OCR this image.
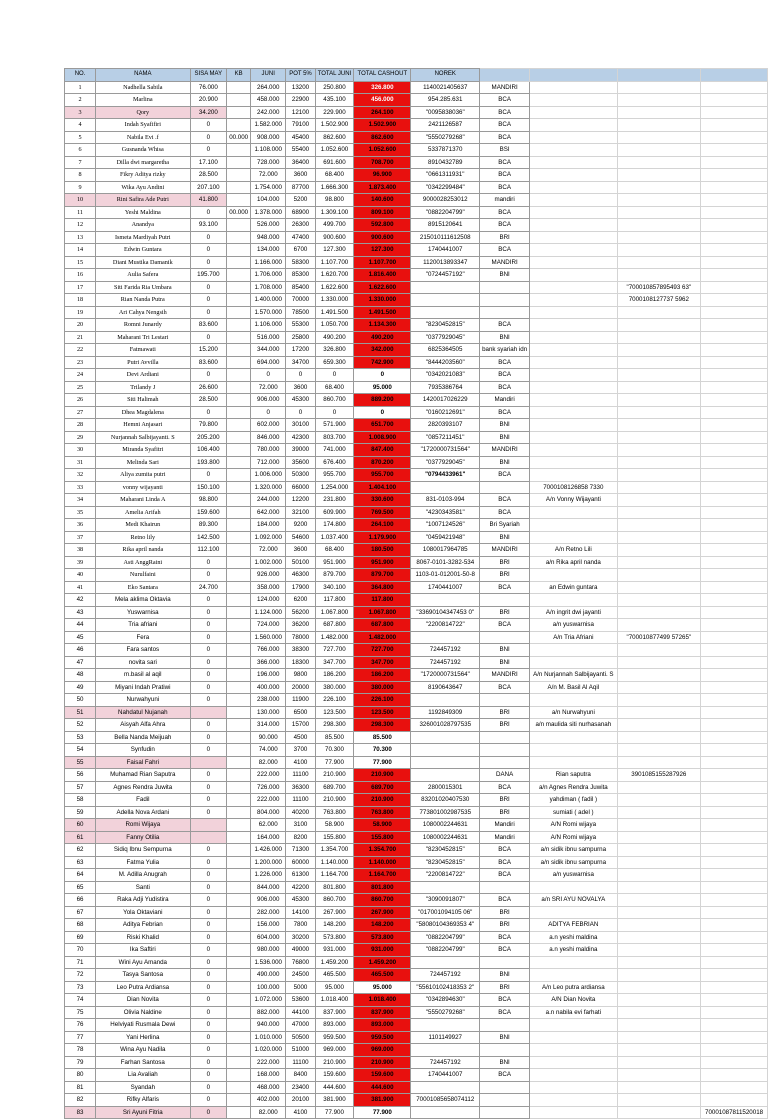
NO.	NAMA	SISA MAY	KB	JUNI	POT 5%	TOTAL JUNI	TOTAL CASHOUT	NOREK				
1	Nadhella Sabila	76.000		264.000	13200	250.800	326.800	1140021405637	MANDIRI			
2	Marlina	20.900		458.000	22900	435.100	456.000	954.285.631	BCA			
3	Qory	34.200		242.000	12100	229.900	264.100	"0095838036"	BCA			
4	Indah Syafifiri	0		1.582.000	79100	1.502.900	1.502.900	2421126587	BCA			
5	Nabila Evi .f	0	00.000	908.000	45400	862.600	862.600	"5550279268"	BCA			
6	Gusnanda Whisa	0		1.108.000	55400	1.052.600	1.052.600	5337871370	BSI			
7	Dilla dwi margaretha	17.100		728.000	36400	691.600	708.700	8910432789	BCA			
8	Fikry Aditya rizky	28.500		72.000	3600	68.400	96.900	"0661311931"	BCA			
9	Wika Ayu Andini	207.100		1.754.000	87700	1.666.300	1.873.400	"0342299484"	BCA			
10	Rini Safira Ade Putri	41.800		104.000	5200	98.800	140.600	9000028253012	mandiri			
11	Yeshi Maldina	0	00.000	1.378.000	68900	1.309.100	809.100	"0882204799"	BCA			
12	Anandya	93.100		526.000	26300	499.700	592.800	8915120641	BCA			
13	Ismeta Mardiyah Putri	0		948.000	47400	900.600	900.600	215010111612508	BRI			
14	Edwin Guntara	0		134.000	6700	127.300	127.300	1740441007	BCA			
15	Diani Mustika Damanik	0		1.166.000	58300	1.107.700	1.107.700	1120013893347	MANDIRI			
16	Aulia Safera	195.700		1.706.000	85300	1.620.700	1.816.400	"0724457192"	BNI			
17	Siti Farida Ria Umbara	0		1.708.000	85400	1.622.600	1.622.600				"700010857895493 63"	
18	Rian Nanda Putra	0		1.400.000	70000	1.330.000	1.330.000				7000108127737 5962	
19	Ari Cahya Nengsih	0		1.570.000	78500	1.491.500	1.491.500					
20	Romni Junardy	83.600		1.106.000	55300	1.050.700	1.134.300	"8230452815"	BCA			
21	Maharani Tri Lestari	0		516.000	25800	490.200	490.200	"0377929045"	BNI			
22	Fatmawati	15.200		344.000	17200	326.800	342.000	6825364505	bank syariah idn			
23	Putri Avvilla	83.600		694.000	34700	659.300	742.900	"8444203560"	BCA			
24	Devi Ardiani	0		0	0	0	0	"0342021083"	BCA			
25	Trilandy J	26.600		72.000	3600	68.400	95.000	7935386764	BCA			
26	Siti Halimah	28.500		906.000	45300	860.700	889.200	1420017026229	Mandiri			
27	Dhea Magdalena	0		0	0	0	0	"0160212691"	BCA			
28	Hemni Anjasari	79.800		602.000	30100	571.900	651.700	2820393107	BNI			
29	Nurjannah Salbijayanti. S	205.200		846.000	42300	803.700	1.008.900	"0857211451"	BNI			
30	Miranda Syafitri	106.400		780.000	39000	741.000	847.400	"1720000731564"	MANDIRI			
31	Melinda Sari	193.800		712.000	35600	676.400	870.200	"0377929045"	BNI			
32	Aliya zumita putri	0		1.006.000	50300	955.700	955.700	"0794433961"	BCA			
33	vonny wijayanti	150.100		1.320.000	66000	1.254.000	1.404.100			7000108126858 7330		
34	Maharani Linda A	98.800		244.000	12200	231.800	330.600	831-0103-994	BCA	A/n Vonny Wijayanti		
35	Amelia Arifah	159.600		642.000	32100	609.900	769.500	"4230343581"	BCA			
36	Medi Khairun	89.300		184.000	9200	174.800	264.100	"1007124526"	Bri Syariah			
37	Retno lily	142.500		1.092.000	54600	1.037.400	1.179.900	"0459421948"	BNI			
38	Rika april nanda	112.100		72.000	3600	68.400	180.500	1080017964785	MANDIRI	A/n Retno Lili		
39	Asti AnggRaini	0		1.002.000	50100	951.900	951.900	8067-0101-3282-534	BRI	a/n Rika april nanda		
40	Nurulfaini	0		926.000	46300	879.700	879.700	1103-01-012001-50-8	BRI			
41	Eko Santara	24.700		358.000	17900	340.100	364.800	1740441007	BCA	an Edwin guntara		
42	Mela aklima Oktavia	0		124.000	6200	117.800	117.800					
43	Yuswarnisa	0		1.124.000	56200	1.067.800	1.067.800	"33690104347453 0"	BRI	A/n ingrit dwi jayanti		
44	Tria afriani	0		724.000	36200	687.800	687.800	"2200814722"	BCA	a/n yuswarnisa		
45	Fera	0		1.560.000	78000	1.482.000	1.482.000			A/n Tria Afriani	"700010877499 57265"	
46	Fara santos	0		766.000	38300	727.700	727.700	724457192	BNI			
47	novita sari	0		366.000	18300	347.700	347.700	724457192	BNI			
48	m.basil al aqil	0		196.000	9800	186.200	186.200	"1720000731564"	MANDIRI	A/n Nurjannah Salbijayanti. S		
49	Miyani Indah Pratiwi	0		400.000	20000	380.000	380.000	8190643647	BCA	A/n M. Basil Al Aqil		
50	Nurwahyuni	0		238.000	11900	226.100	226.100					
51	Nahdatul Nujanah			130.000	6500	123.500	123.500	1192849309	BRI	a/n Nurwahyuni		
52	Aisyah Alfa Ahra	0		314.000	15700	298.300	298.300	326001028797535	BRI	a/n maulida siti nurhasanah		
53	Bella Nanda Meijuah	0		90.000	4500	85.500	85.500					
54	Synfudin	0		74.000	3700	70.300	70.300					
55	Faisal Fahri			82.000	4100	77.900	77.900					
56	Muhamad Rian Saputra	0		222.000	11100	210.900	210.900		DANA	Rian saputra	3901085155287926	
57	Agnes Rendra Juwita	0		726.000	36300	689.700	689.700	2800015301	BCA	a/n Agnes Rendra Juwita		
58	Fadil	0		222.000	11100	210.900	210.900	83201020407530	BRI	yahdiman ( fadil )		
59	Adella Nova Ardani	0		804.000	40200	763.800	763.800	773801002987535	BRI	sumiati ( adel )		
60	Romi Wijaya			62.000	3100	58.900	58.900	1080002244631	Mandiri	A/N Romi wijaya		
61	Fanny Otilia			164.000	8200	155.800	155.800	1080002244631	Mandiri	A/N Romi wijaya		
62	Sidiq Ibnu Sempurna	0		1.426.000	71300	1.354.700	1.354.700	"8230452815"	BCA	a/n sidik ibnu sampurna		
63	Fatma Yulia	0		1.200.000	60000	1.140.000	1.140.000	"8230452815"	BCA	a/n sidik ibnu sampurna		
64	M. Adilla Anugrah	0		1.226.000	61300	1.164.700	1.164.700	"2200814722"	BCA	a/n yuswarnisa		
65	Santi	0		844.000	42200	801.800	801.800					
66	Raka Adji Yudistira	0		906.000	45300	860.700	860.700	"3090091807"	BCA	a/n SRI AYU NOVALYA		
67	Yola Oktaviani	0		282.000	14100	267.900	267.900	"017001094105 06"	BRI			
68	Aditya Febrian	0		156.000	7800	148.200	148.200	"58080104369353 4"	BRI	ADITYA FEBRIAN		
69	Riski Khalid	0		604.000	30200	573.800	573.800	"0882204799"	BCA	a.n yeshi maldina		
70	Ika Saftiri	0		980.000	49000	931.000	931.000	"0882204799"	BCA	a.n yeshi maldina		
71	Wini Ayu Amanda	0		1.536.000	76800	1.459.200	1.459.200					
72	Tasya Santosa	0		490.000	24500	465.500	465.500	724457192	BNI			
73	Leo Putra Ardiansa	0		100.000	5000	95.000	95.000	"55610102418353 2"	BRI	A/n Leo putra ardiansa		
74	Dian Novita	0		1.072.000	53600	1.018.400	1.018.400	"0342894630"	BCA	A/N Dian Novita		
75	Olivia Naldine	0		882.000	44100	837.900	837.900	"5550279268"	BCA	a.n nabila evi farhati		
76	Helviyati Rusmala Dewi	0		940.000	47000	893.000	893.000					
77	Yani Herlina	0		1.010.000	50500	959.500	959.500	1101149927	BNI			
78	Wina Ayu Nadila	0		1.020.000	51000	969.000	969.000					
79	Farhan Santosa	0		222.000	11100	210.900	210.900	724457192	BNI			
80	Lia Avaliah	0		168.000	8400	159.600	159.600	1740441007	BCA			
81	Syandah	0		468.000	23400	444.600	444.600					
82	Rifky Alfaris	0		402.000	20100	381.900	381.900	70001085658074112				
83	Sri Ayuni Fitria	0		82.000	4100	77.900	77.900					70001087811520018
